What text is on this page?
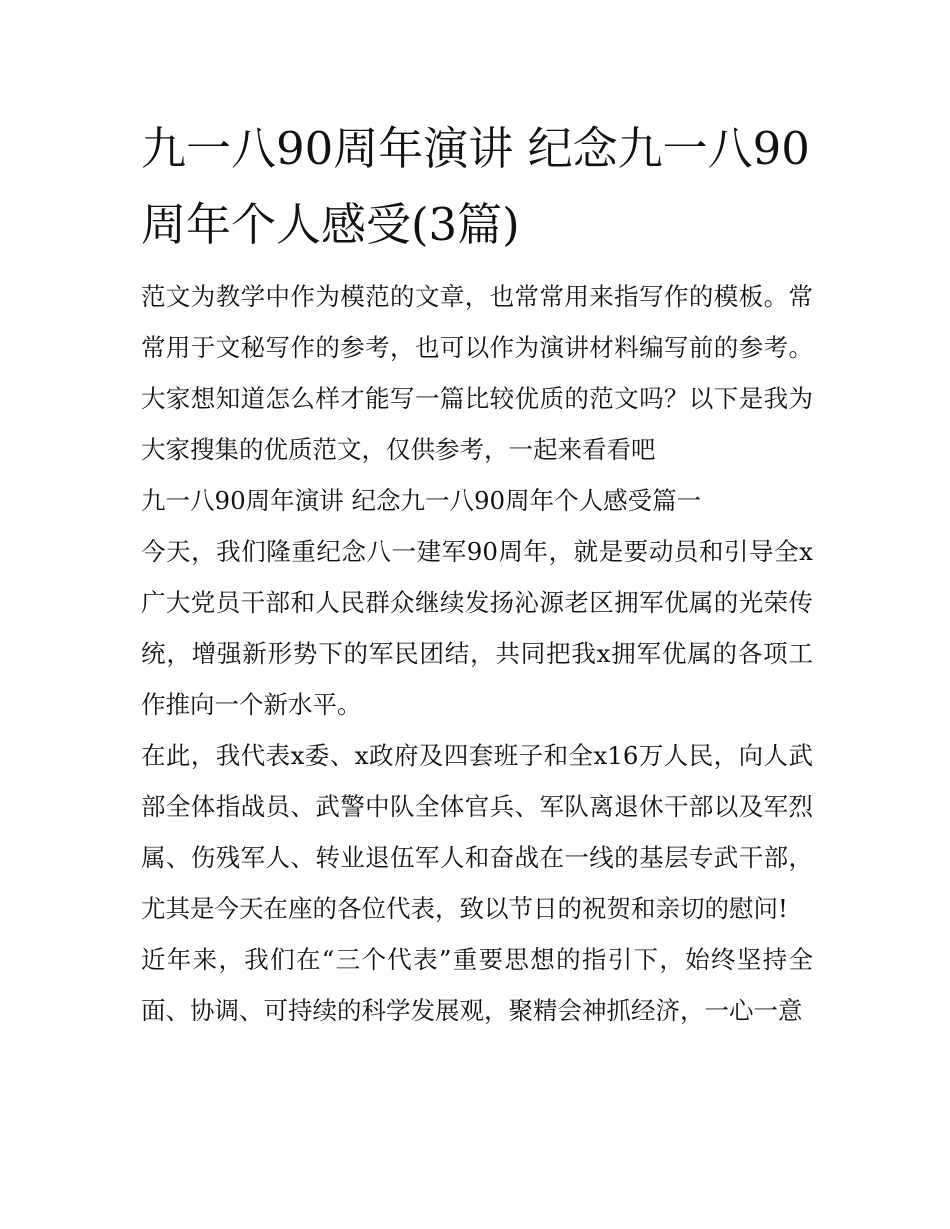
九一八90周年演讲 纪念九一八90周年个人感受(3篇)

范文为教学中作为模范的文章，也常常用来指写作的模板。常常用于文秘写作的参考，也可以作为演讲材料编写前的参考。大家想知道怎么样才能写一篇比较优质的范文吗？以下是我为大家搜集的优质范文，仅供参考，一起来看看吧

九一八90周年演讲 纪念九一八90周年个人感受篇一

今天，我们隆重纪念八一建军90周年，就是要动员和引导全x广大党员干部和人民群众继续发扬沁源老区拥军优属的光荣传统，增强新形势下的军民团结，共同把我x拥军优属的各项工作推向一个新水平。

在此，我代表x委、x政府及四套班子和全x16万人民，向人武部全体指战员、武警中队全体官兵、军队离退休干部以及军烈属、伤残军人、转业退伍军人和奋战在一线的基层专武干部，尤其是今天在座的各位代表，致以节日的祝贺和亲切的慰问!

近年来，我们在“三个代表”重要思想的指引下，始终坚持全面、协调、可持续的科学发展观，聚精会神抓经济，一心一意
